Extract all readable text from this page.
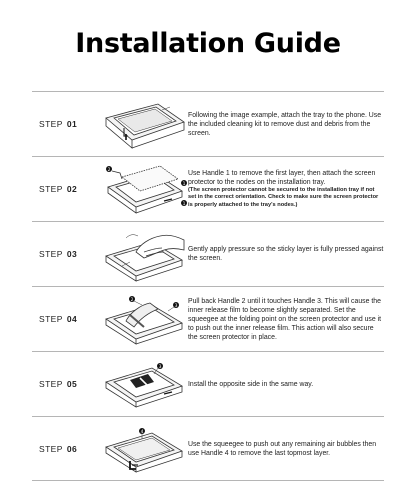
Installation Guide
STEP 01

Following the image example, attach the tray to the phone. Use the included cleaning kit to remove dust and debris from the screen.

STEP 02
2
1
1

Use Handle 1 to remove the first layer, then attach the screen protector to the nodes on the installation tray.

(The screen protector cannot be secured to the installation tray if not set in the correct orientation. Check to make sure the screen protector is properly attached to the tray's nodes.)

STEP 03	Gently apply pressure so the sticky layer is fully pressed against the screen.

STEP 04
2
3

Pull back Handle 2 until it touches Handle 3. This will cause the inner release film to become slightly separated. Set the squeegee at the folding point on the screen protector and use it to push out the inner release film. This action will also secure the screen protector in place.

STEP 05
3

Install the opposite side in the same way.

STEP 06
4

Use the squeegee to push out any remaining air bubbles then use Handle 4 to remove the last topmost layer.
